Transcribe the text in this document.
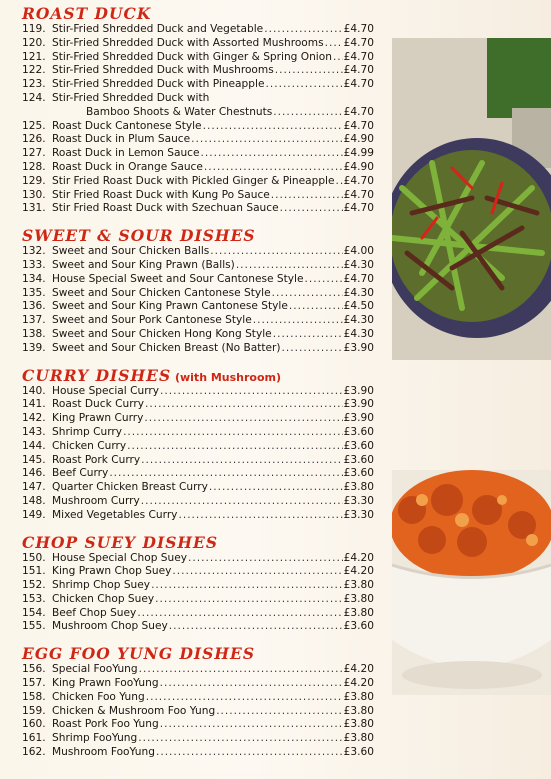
ROAST DUCK
119. Stir-Fried Shredded Duck and Vegetable .....	£4.70
120. Stir-Fried Shredded Duck with Assorted Mushrooms ..... £4.70
121. Stir-Fried Shredded Duck with Ginger & Spring Onion ..... £4.70
122. Stir-Fried Shredded Duck with Mushrooms .....	£4.70
123. Stir-Fried Shredded Duck with Pineapple .....	£4.70
124. Stir-Fried Shredded Duck with
Bamboo Shoots & Water Chestnuts .....	£4.70
125. Roast Duck Cantonese Style .....	£4.70
126. Roast Duck in Plum Sauce .....	£4.90
127. Roast Duck in Lemon Sauce .....	£4.99
128. Roast Duck in Orange Sauce .....	£4.90
129. Stir Fried Roast Duck with Pickled Ginger & Pineapple ..... £4.70
130. Stir Fried Roast Duck with Kung Po Sauce .....	£4.70
131. Stir Fried Roast Duck with Szechuan Sauce .....	£4.70
SWEET & SOUR DISHES
132. Sweet and Sour Chicken Balls .....	£4.00
133. Sweet and Sour King Prawn (Balls) .....	£4.30
134. House Special Sweet and Sour Cantonese Style .....	£4.70
135. Sweet and Sour Chicken Cantonese Style .....	£4.30
136. Sweet and Sour King Prawn Cantonese Style .....	£4.50
137. Sweet and Sour Pork Cantonese Style .....	£4.30
138. Sweet and Sour Chicken Hong Kong Style .....	£4.30
139. Sweet and Sour Chicken Breast (No Batter) .....	£3.90
CURRY DISHES (with Mushroom)
140. House Special Curry .....	£3.90
141. Roast Duck Curry .....	£3.90
142. King Prawn Curry .....	£3.90
143. Shrimp Curry .....	£3.60
144. Chicken Curry .....	£3.60
145. Roast Pork Curry .....	£3.60
146. Beef Curry .....	£3.60
147. Quarter Chicken Breast Curry .....	£3.80
148. Mushroom Curry .....	£3.30
149. Mixed Vegetables Curry .....	£3.30
CHOP SUEY DISHES
150. House Special Chop Suey .....	£4.20
151. King Prawn Chop Suey .....	£4.20
152. Shrimp Chop Suey .....	£3.80
153. Chicken Chop Suey .....	£3.80
154. Beef Chop Suey .....	£3.80
155. Mushroom Chop Suey .....	£3.60
EGG FOO YUNG DISHES
156. Special FooYung .....	£4.20
157. King Prawn FooYung .....	£4.20
158. Chicken Foo Yung .....	£3.80
159. Chicken & Mushroom Foo Yung .....	£3.80
160. Roast Pork Foo Yung .....	£3.80
161. Shrimp FooYung .....	£3.80
162. Mushroom FooYung .....	£3.60
